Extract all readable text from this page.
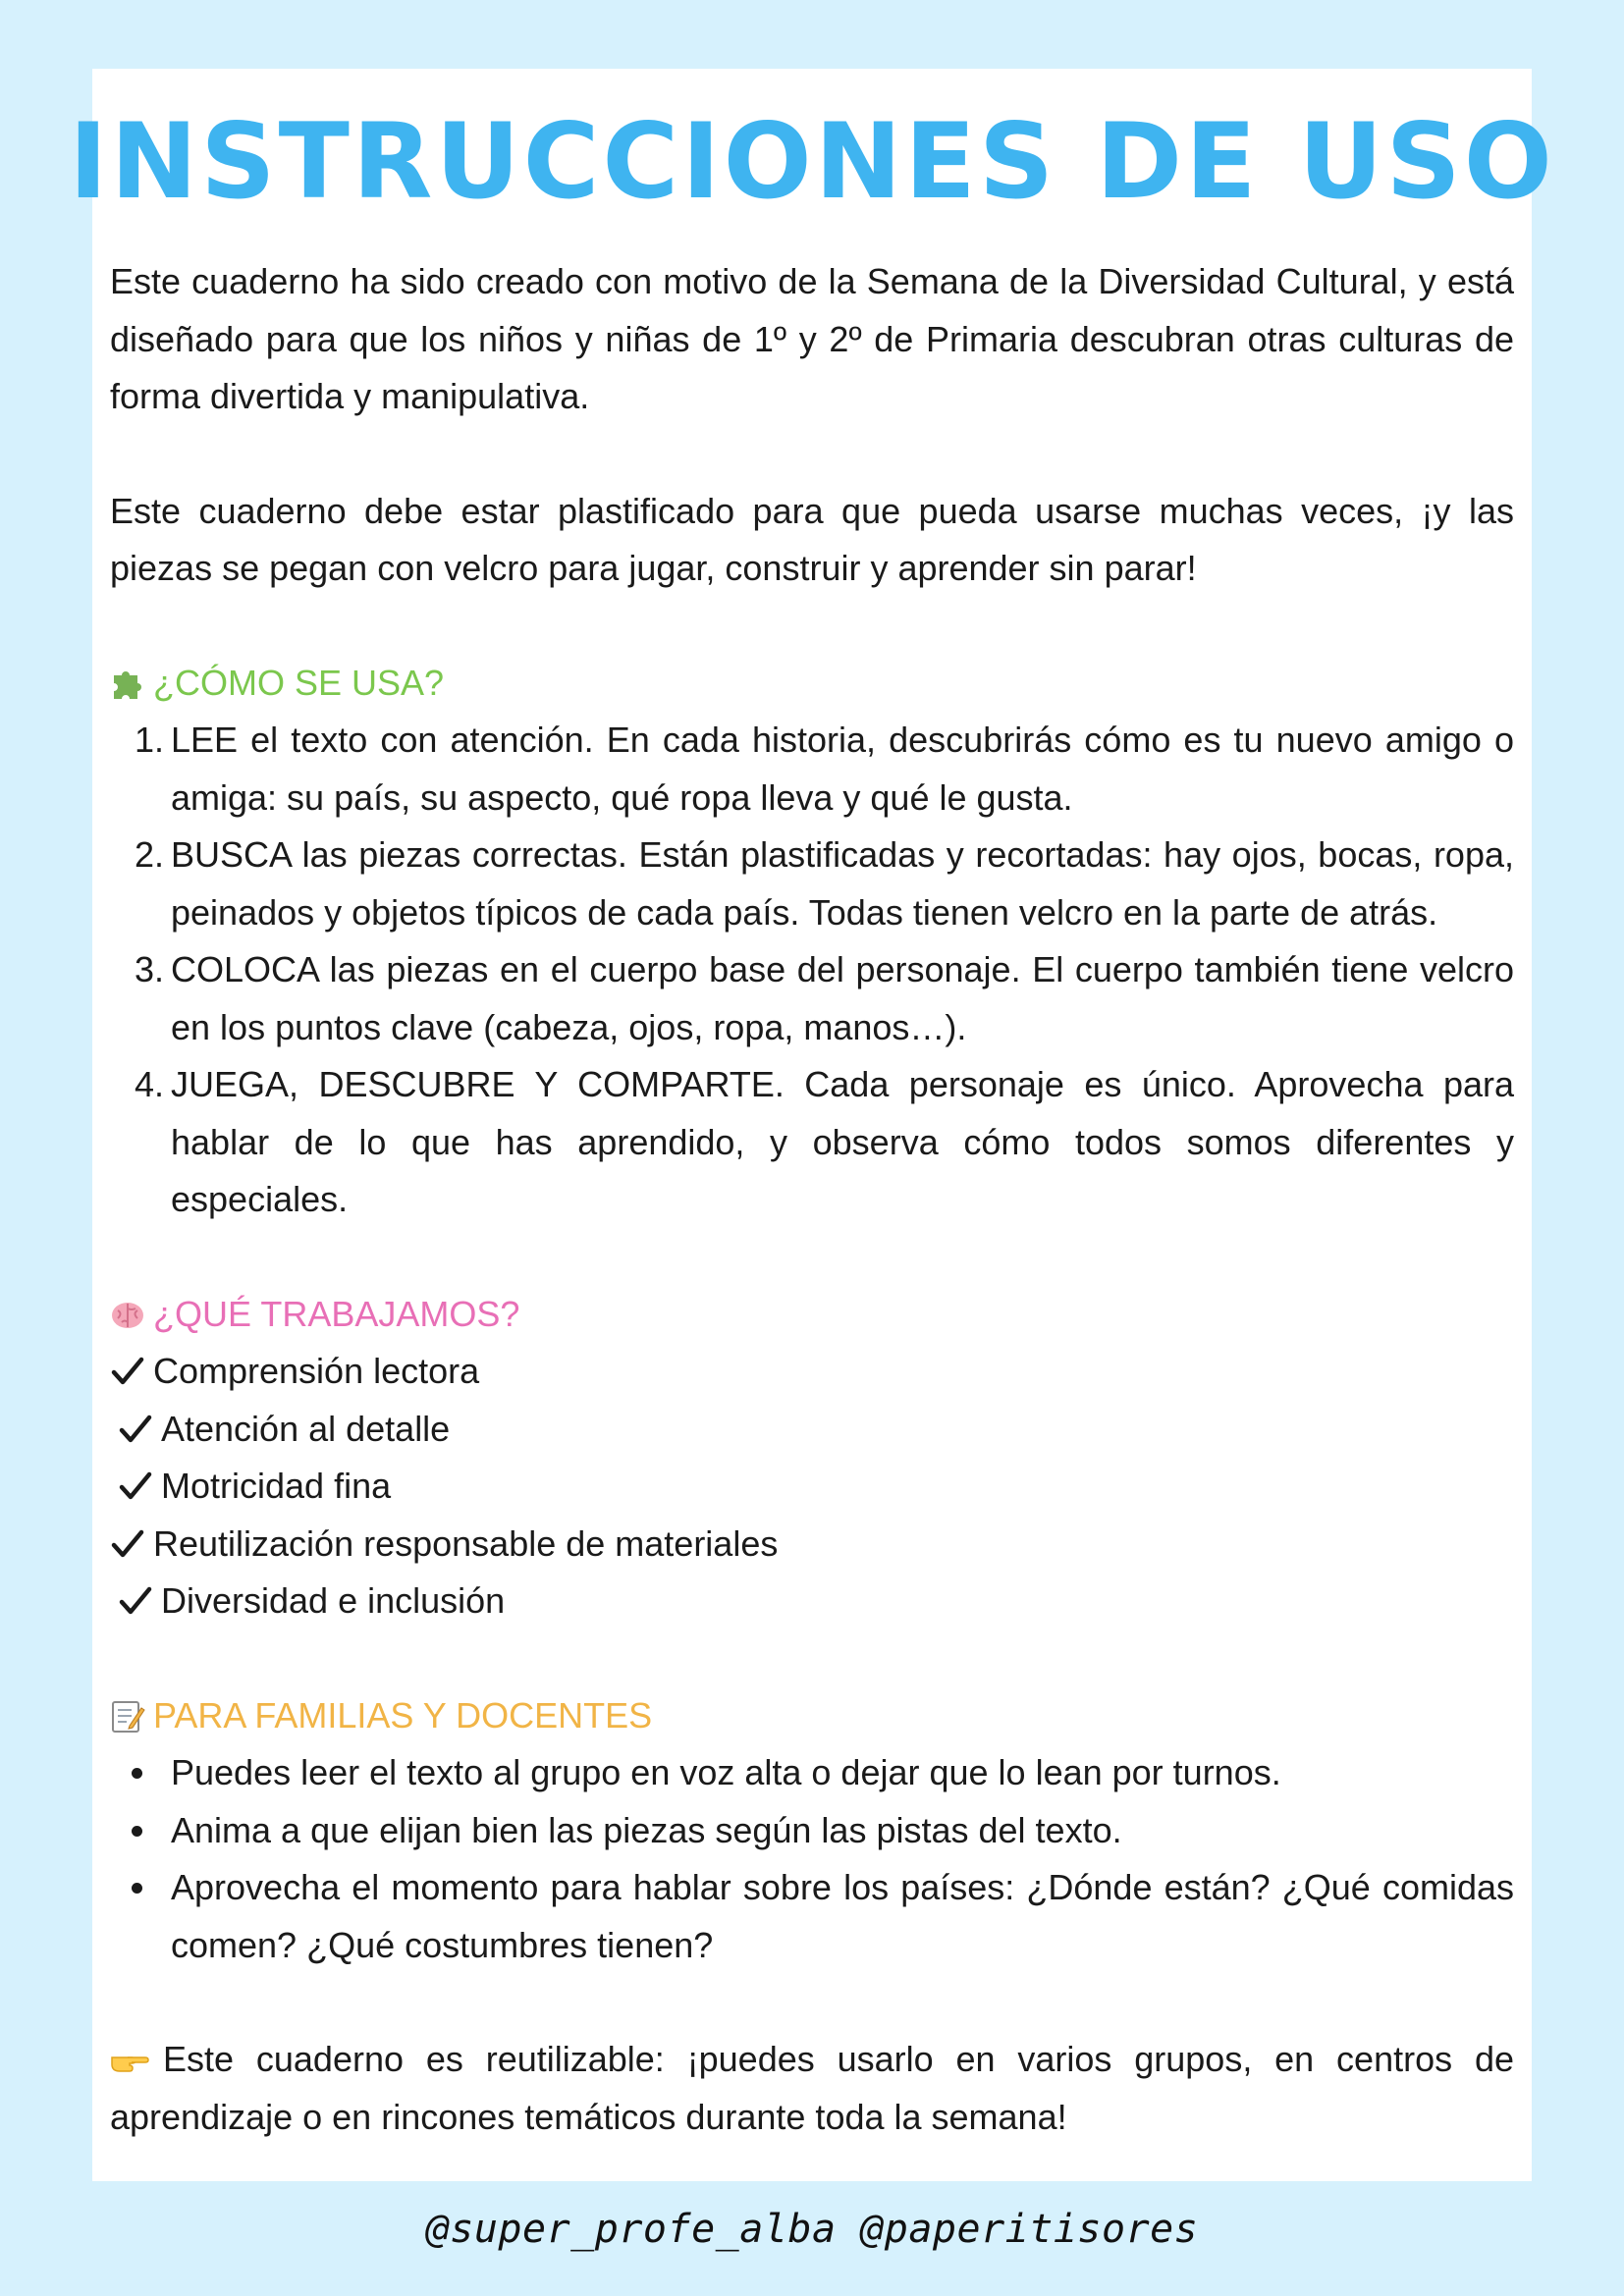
INSTRUCCIONES DE USO

Este cuaderno ha sido creado con motivo de la Semana de la Diversidad Cultural, y está diseñado para que los niños y niñas de 1º y 2º de Primaria descubran otras culturas de forma divertida y manipulativa.

Este cuaderno debe estar plastificado para que pueda usarse muchas veces, ¡y las piezas se pegan con velcro para jugar, construir y aprender sin parar!

¿CÓMO SE USA?
1. LEE el texto con atención. En cada historia, descubrirás cómo es tu nuevo amigo o amiga: su país, su aspecto, qué ropa lleva y qué le gusta.
2. BUSCA las piezas correctas. Están plastificadas y recortadas: hay ojos, bocas, ropa, peinados y objetos típicos de cada país. Todas tienen velcro en la parte de atrás.
3. COLOCA las piezas en el cuerpo base del personaje. El cuerpo también tiene velcro en los puntos clave (cabeza, ojos, ropa, manos…).
4. JUEGA, DESCUBRE Y COMPARTE. Cada personaje es único. Aprovecha para hablar de lo que has aprendido, y observa cómo todos somos diferentes y especiales.
¿QUÉ TRABAJAMOS?
Comprensión lectora
Atención al detalle
Motricidad fina
Reutilización responsable de materiales
Diversidad e inclusión
PARA FAMILIAS Y DOCENTES
Puedes leer el texto al grupo en voz alta o dejar que lo lean por turnos.
Anima a que elijan bien las piezas según las pistas del texto.
Aprovecha el momento para hablar sobre los países: ¿Dónde están? ¿Qué comidas comen? ¿Qué costumbres tienen?

Este cuaderno es reutilizable: ¡puedes usarlo en varios grupos, en centros de aprendizaje o en rincones temáticos durante toda la semana!

@super_profe_alba @paperitisores
